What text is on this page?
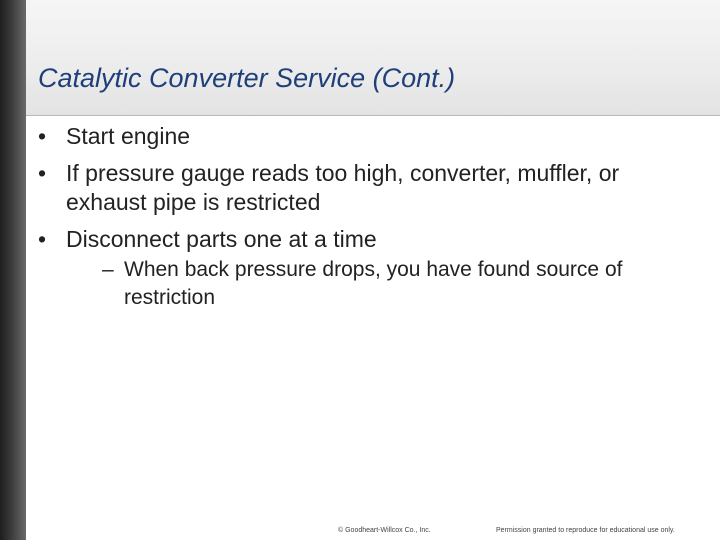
Catalytic Converter Service (Cont.)
• Start engine
• If pressure gauge reads too high, converter, muffler, or exhaust pipe is restricted
• Disconnect parts one at a time
– When back pressure drops, you have found source of restriction
© Goodheart-Willcox Co., Inc.	Permission granted to reproduce for educational use only.
